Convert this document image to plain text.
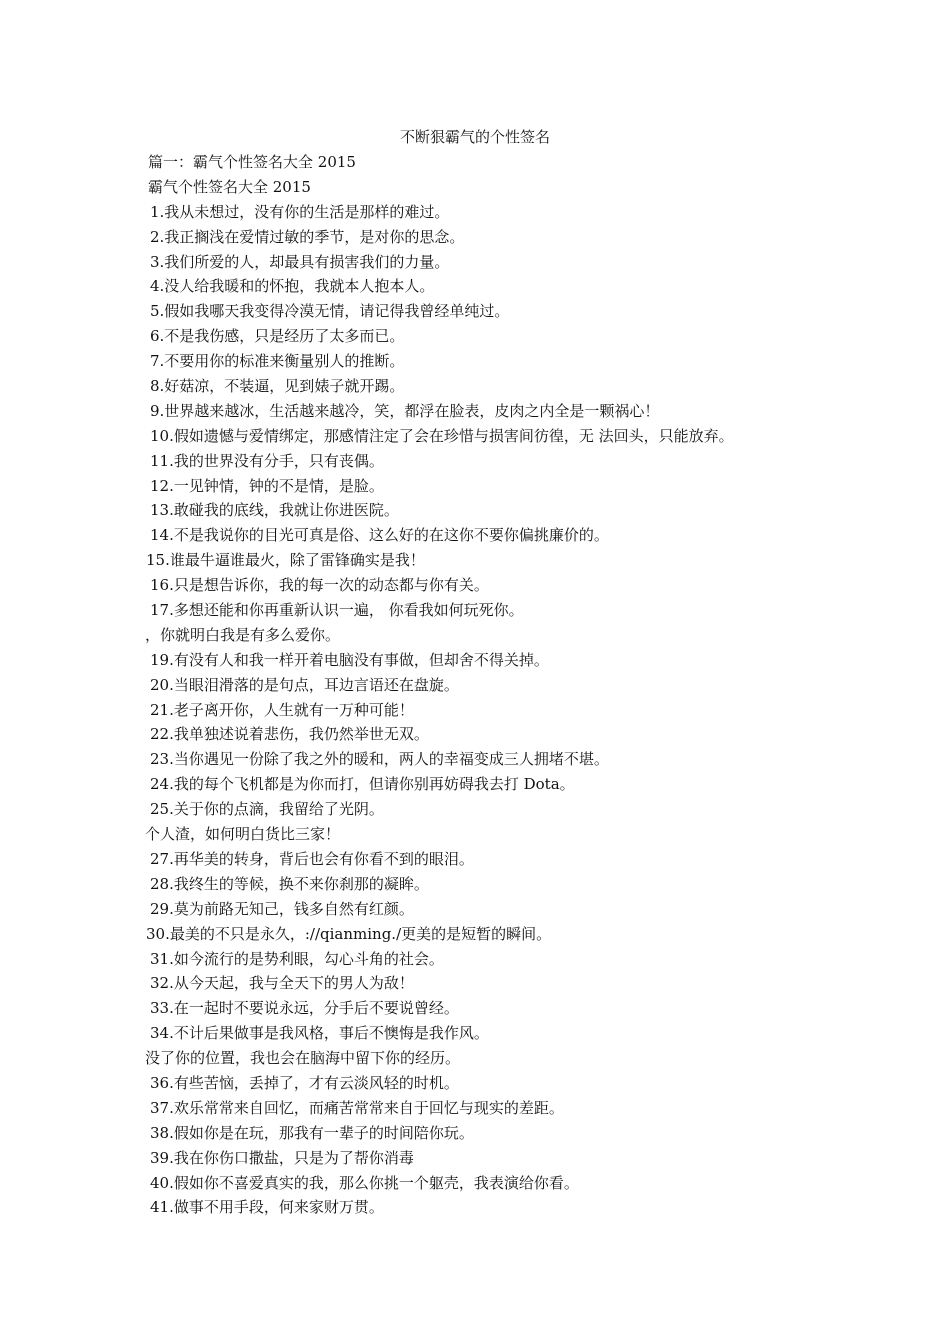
不断狠霸气的个性签名
篇一：霸气个性签名大全 2015
霸气个性签名大全 2015
1.我从未想过，没有你的生活是那样的难过。
2.我正搁浅在爱情过敏的季节，是对你的思念。
3.我们所爱的人，却最具有损害我们的力量。
4.没人给我暖和的怀抱，我就本人抱本人。
5.假如我哪天我变得冷漠无情，请记得我曾经单纯过。
6.不是我伤感，只是经历了太多而已。
7.不要用你的标准来衡量别人的推断。
8.好菇凉，不装逼，见到婊子就开踢。
9.世界越来越冰，生活越来越冷，笑，都浮在脸表，皮肉之内全是一颗祸心！
10.假如遗憾与爱情绑定，那感情注定了会在珍惜与损害间彷徨，无 法回头，只能放弃。
11.我的世界没有分手，只有丧偶。
12.一见钟情，钟的不是情，是脸。
13.敢碰我的底线，我就让你进医院。
14.不是我说你的目光可真是俗、这么好的在这你不要你偏挑廉价的。
15.谁最牛逼谁最火，除了雷锋确实是我！
16.只是想告诉你，我的每一次的动态都与你有关。
17.多想还能和你再重新认识一遍， 你看我如何玩死你。
，你就明白我是有多么爱你。
19.有没有人和我一样开着电脑没有事做，但却舍不得关掉。
20.当眼泪滑落的是句点，耳边言语还在盘旋。
21.老子离开你，人生就有一万种可能！
22.我单独述说着悲伤，我仍然举世无双。
23.当你遇见一份除了我之外的暖和，两人的幸福变成三人拥堵不堪。
24.我的每个飞机都是为你而打，但请你别再妨碍我去打 Dota。
25.关于你的点滴，我留给了光阴。
个人渣，如何明白货比三家！
27.再华美的转身，背后也会有你看不到的眼泪。
28.我终生的等候，换不来你刹那的凝眸。
29.莫为前路无知己，钱多自然有红颜。
30.最美的不只是永久，://qianming./更美的是短暂的瞬间。
31.如今流行的是势利眼，勾心斗角的社会。
32.从今天起，我与全天下的男人为敌！
33.在一起时不要说永远，分手后不要说曾经。
34.不计后果做事是我风格，事后不懊悔是我作风。
没了你的位置，我也会在脑海中留下你的经历。
36.有些苦恼，丢掉了，才有云淡风轻的时机。
37.欢乐常常来自回忆，而痛苦常常来自于回忆与现实的差距。
38.假如你是在玩，那我有一辈子的时间陪你玩。
39.我在你伤口撒盐，只是为了帮你消毒
40.假如你不喜爱真实的我，那么你挑一个躯壳，我表演给你看。
41.做事不用手段，何来家财万贯。
